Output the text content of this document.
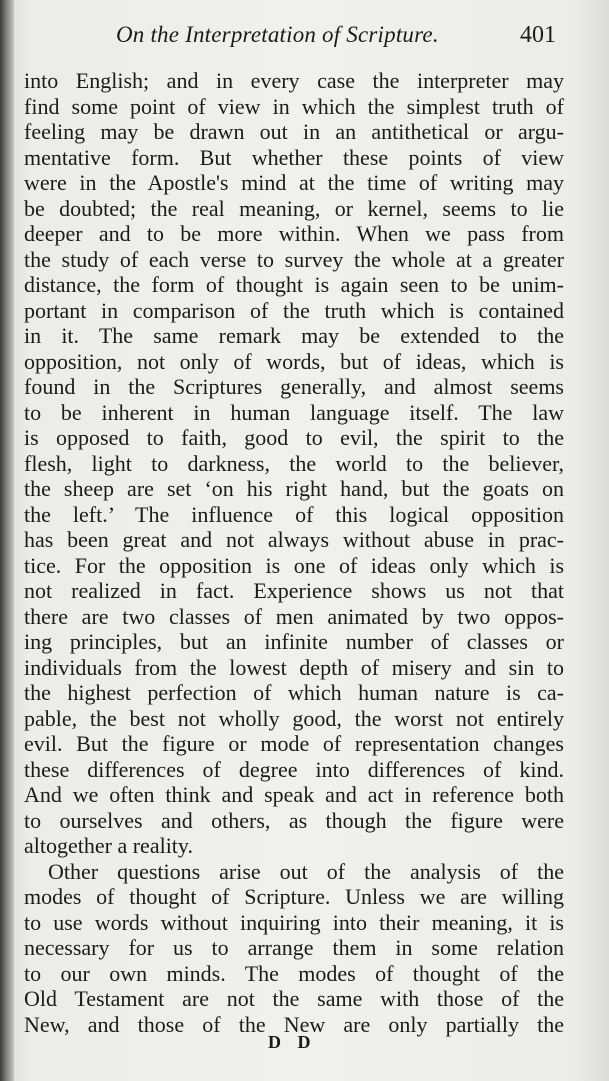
On the Interpretation of Scripture.	401
into English; and in every case the interpreter may
find some point of view in which the simplest truth of
feeling may be drawn out in an antithetical or argu-
mentative form. But whether these points of view
were in the Apostle's mind at the time of writing may
be doubted; the real meaning, or kernel, seems to lie
deeper and to be more within. When we pass from
the study of each verse to survey the whole at a greater
distance, the form of thought is again seen to be unim-
portant in comparison of the truth which is contained
in it. The same remark may be extended to the
opposition, not only of words, but of ideas, which is
found in the Scriptures generally, and almost seems
to be inherent in human language itself. The law
is opposed to faith, good to evil, the spirit to the
flesh, light to darkness, the world to the believer,
the sheep are set ‘on his right hand, but the goats on
the left.’ The influence of this logical opposition
has been great and not always without abuse in prac-
tice. For the opposition is one of ideas only which is
not realized in fact. Experience shows us not that
there are two classes of men animated by two oppos-
ing principles, but an infinite number of classes or
individuals from the lowest depth of misery and sin to
the highest perfection of which human nature is ca-
pable, the best not wholly good, the worst not entirely
evil. But the figure or mode of representation changes
these differences of degree into differences of kind.
And we often think and speak and act in reference both
to ourselves and others, as though the figure were
altogether a reality.
Other questions arise out of the analysis of the
modes of thought of Scripture. Unless we are willing
to use words without inquiring into their meaning, it is
necessary for us to arrange them in some relation
to our own minds. The modes of thought of the
Old Testament are not the same with those of the
New, and those of the New are only partially the
D D
